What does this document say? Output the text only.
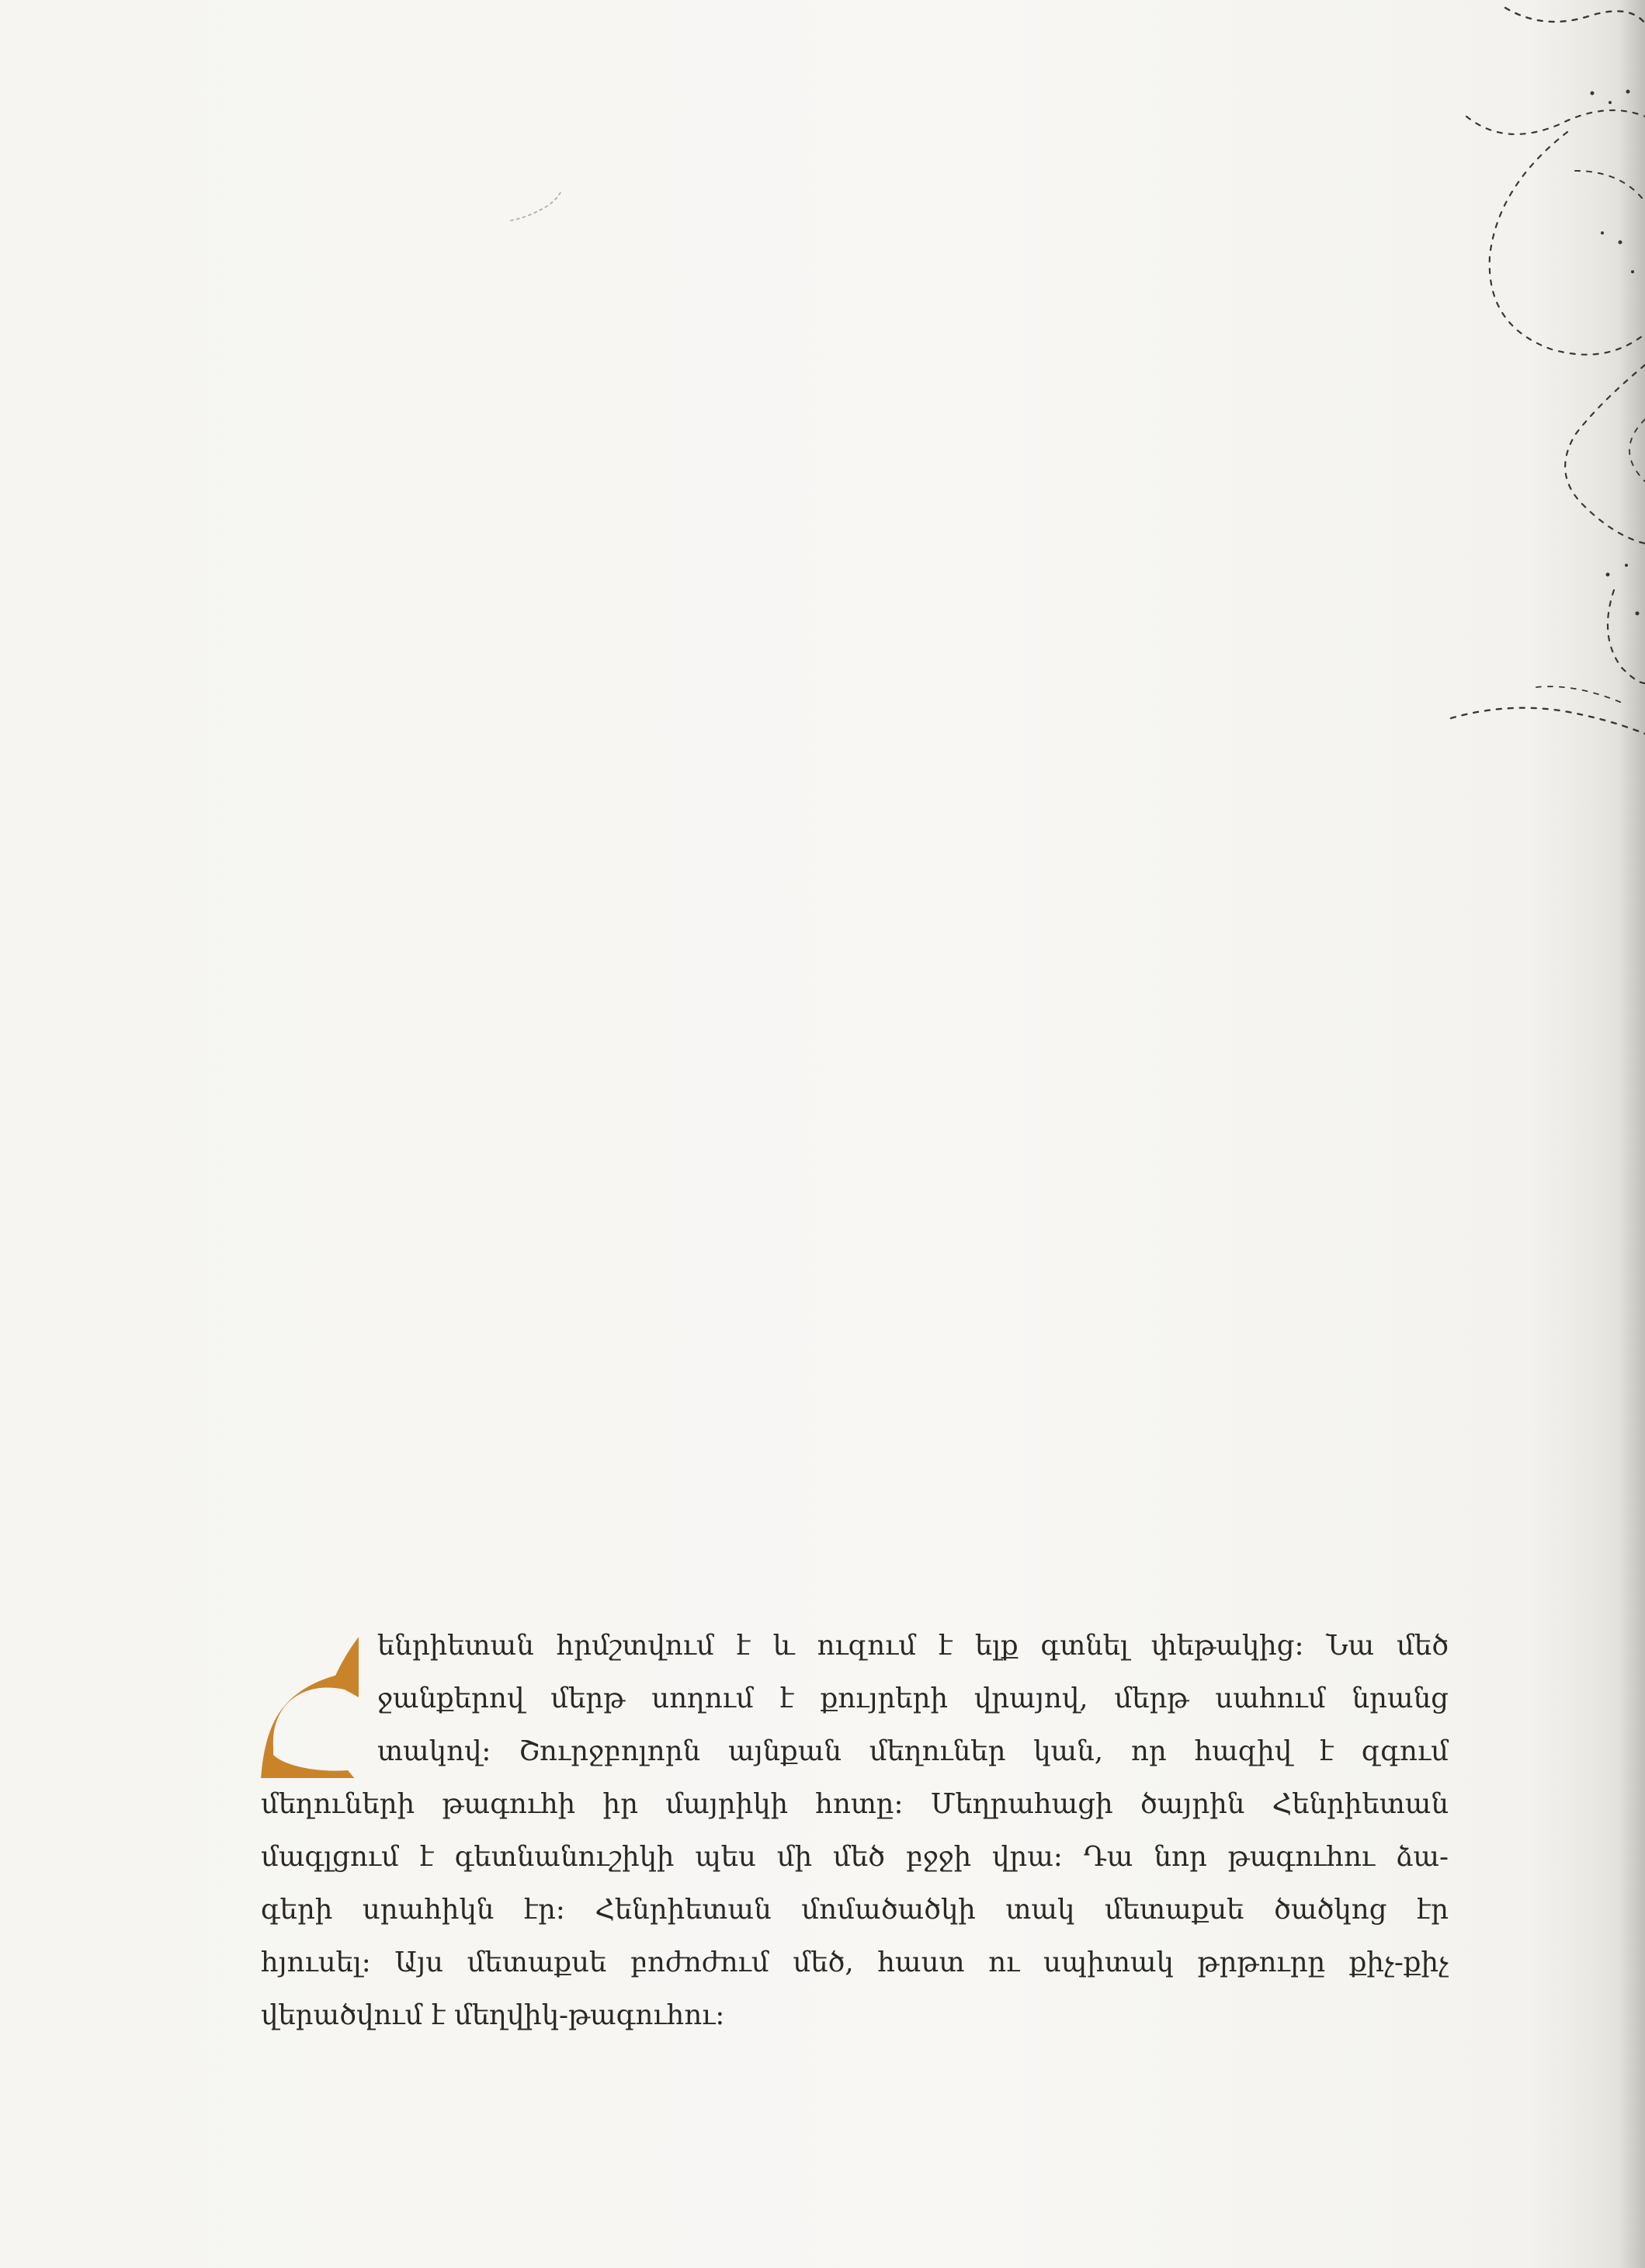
Հ	ենրիետան հրմշտվում է և ուզում է ելք գտնել փեթակից: Նա մեծ
ջանքերով մերթ սողում է քույրերի վրայով, մերթ սահում նրանց
տակով: Շուրջբոլորն այնքան մեղուներ կան, որ հազիվ է զգում
մեղուների թագուհի իր մայրիկի հոտը: Մեղրահացի ծայրին Հենրիետան
մագլցում է գետնանուշիկի պես մի մեծ բջջի վրա: Դա նոր թագուհու ձա-
գերի սրահիկն էր: Հենրիետան մոմածածկի տակ մետաքսե ծածկոց էր
հյուսել: Այս մետաքսե բոժոժում մեծ, հաստ ու սպիտակ թրթուրը քիչ-քիչ
վերածվում է մեղվիկ-թագուհու:
